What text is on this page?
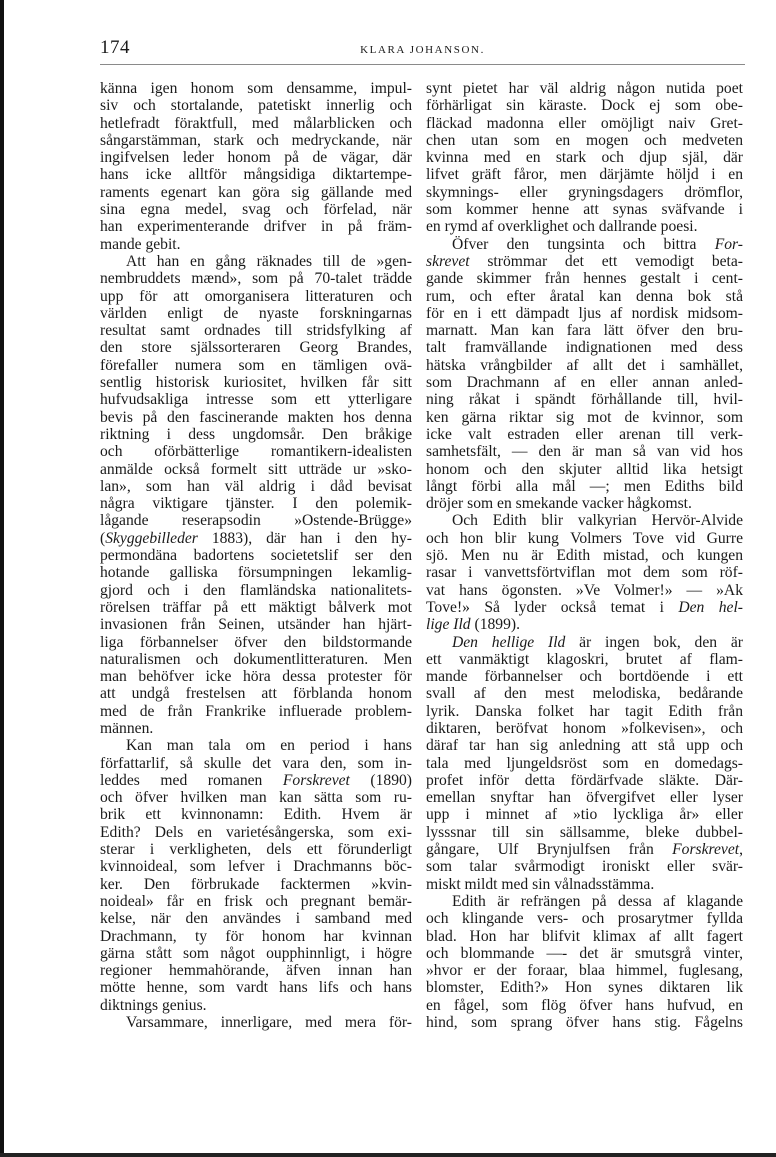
174	KLARA JOHANSON.
känna igen honom som densamme, impul-
siv och stortalande, patetiskt innerlig och
hetlefradt föraktfull, med målarblicken och
sångarstämman, stark och medryckande, när
ingifvelsen leder honom på de vägar, där
hans icke alltför mångsidiga diktartempe-
raments egenart kan göra sig gällande med
sina egna medel, svag och förfelad, när
han experimenterande drifver in på främ-
mande gebit.
Att han en gång räknades till de »gen-
nembruddets mænd», som på 70-talet trädde
upp för att omorganisera litteraturen och
världen enligt de nyaste forskningarnas
resultat samt ordnades till stridsfylking af
den store själssorteraren Georg Brandes,
förefaller numera som en tämligen ovä-
sentlig historisk kuriositet, hvilken får sitt
hufvudsakliga intresse som ett ytterligare
bevis på den fascinerande makten hos denna
riktning i dess ungdomsår. Den bråkige
och oförbätterlige romantikern-idealisten
anmälde också formelt sitt utträde ur »sko-
lan», som han väl aldrig i dåd bevisat
några viktigare tjänster. I den polemik-
lågande reserapsodin »Ostende-Brügge»
(Skyggebilleder 1883), där han i den hy-
permondäna badortens societetslif ser den
hotande galliska försumpningen lekamlig-
gjord och i den flamländska nationalitets-
rörelsen träffar på ett mäktigt bålverk mot
invasionen från Seinen, utsänder han hjärt-
liga förbannelser öfver den bildstormande
naturalismen och dokumentlitteraturen. Men
man behöfver icke höra dessa protester för
att undgå frestelsen att förblanda honom
med de från Frankrike influerade problem-
männen.
Kan man tala om en period i hans
författarlif, så skulle det vara den, som in-
leddes med romanen Forskrevet (1890)
och öfver hvilken man kan sätta som ru-
brik ett kvinnonamn: Edith. Hvem är
Edith? Dels en varietésångerska, som exi-
sterar i verkligheten, dels ett förunderligt
kvinnoideal, som lefver i Drachmanns böc-
ker. Den förbrukade facktermen »kvin-
noideal» får en frisk och pregnant bemär-
kelse, när den användes i samband med
Drachmann, ty för honom har kvinnan
gärna stått som något oupphinnligt, i högre
regioner hemmahörande, äfven innan han
mötte henne, som vardt hans lifs och hans
diktnings genius.
Varsammare, innerligare, med mera för-
synt pietet har väl aldrig någon nutida poet
förhärligat sin käraste. Dock ej som obe-
fläckad madonna eller omöjligt naiv Gret-
chen utan som en mogen och medveten
kvinna med en stark och djup själ, där
lifvet gräft fåror, men därjämte höljd i en
skymnings- eller gryningsdagers drömflor,
som kommer henne att synas sväfvande i
en rymd af overklighet och dallrande poesi.
Öfver den tungsinta och bittra For-
skrevet strömmar det ett vemodigt beta-
gande skimmer från hennes gestalt i cent-
rum, och efter åratal kan denna bok stå
för en i ett dämpadt ljus af nordisk midsom-
marnatt. Man kan fara lätt öfver den bru-
talt framvällande indignationen med dess
hätska vrångbilder af allt det i samhället,
som Drachmann af en eller annan anled-
ning råkat i spändt förhållande till, hvil-
ken gärna riktar sig mot de kvinnor, som
icke valt estraden eller arenan till verk-
samhetsfält, — den är man så van vid hos
honom och den skjuter alltid lika hetsigt
långt förbi alla mål —; men Ediths bild
dröjer som en smekande vacker hågkomst.
Och Edith blir valkyrian Hervör-Alvide
och hon blir kung Volmers Tove vid Gurre
sjö. Men nu är Edith mistad, och kungen
rasar i vanvettsförtviflan mot dem som röf-
vat hans ögonsten. »Ve Volmer!» — »Ak
Tove!» Så lyder också temat i Den hel-
lige Ild (1899).
Den hellige Ild är ingen bok, den är
ett vanmäktigt klagoskri, brutet af flam-
mande förbannelser och bortdöende i ett
svall af den mest melodiska, bedårande
lyrik. Danska folket har tagit Edith från
diktaren, beröfvat honom »folkevisen», och
däraf tar han sig anledning att stå upp och
tala med ljungeldsröst som en domedags-
profet inför detta fördärfvade släkte. Där-
emellan snyftar han öfvergifvet eller lyser
upp i minnet af »tio lyckliga år» eller
lysssnar till sin sällsamme, bleke dubbel-
gångare, Ulf Brynjulfsen från Forskrevet,
som talar svårmodigt ironiskt eller svär-
miskt mildt med sin vålnadsstämma.
Edith är refrängen på dessa af klagande
och klingande vers- och prosarytmer fyllda
blad. Hon har blifvit klimax af allt fagert
och blommande —- det är smutsgrå vinter,
»hvor er der foraar, blaa himmel, fuglesang,
blomster, Edith?» Hon synes diktaren lik
en fågel, som flög öfver hans hufvud, en
hind, som sprang öfver hans stig. Fågelns
